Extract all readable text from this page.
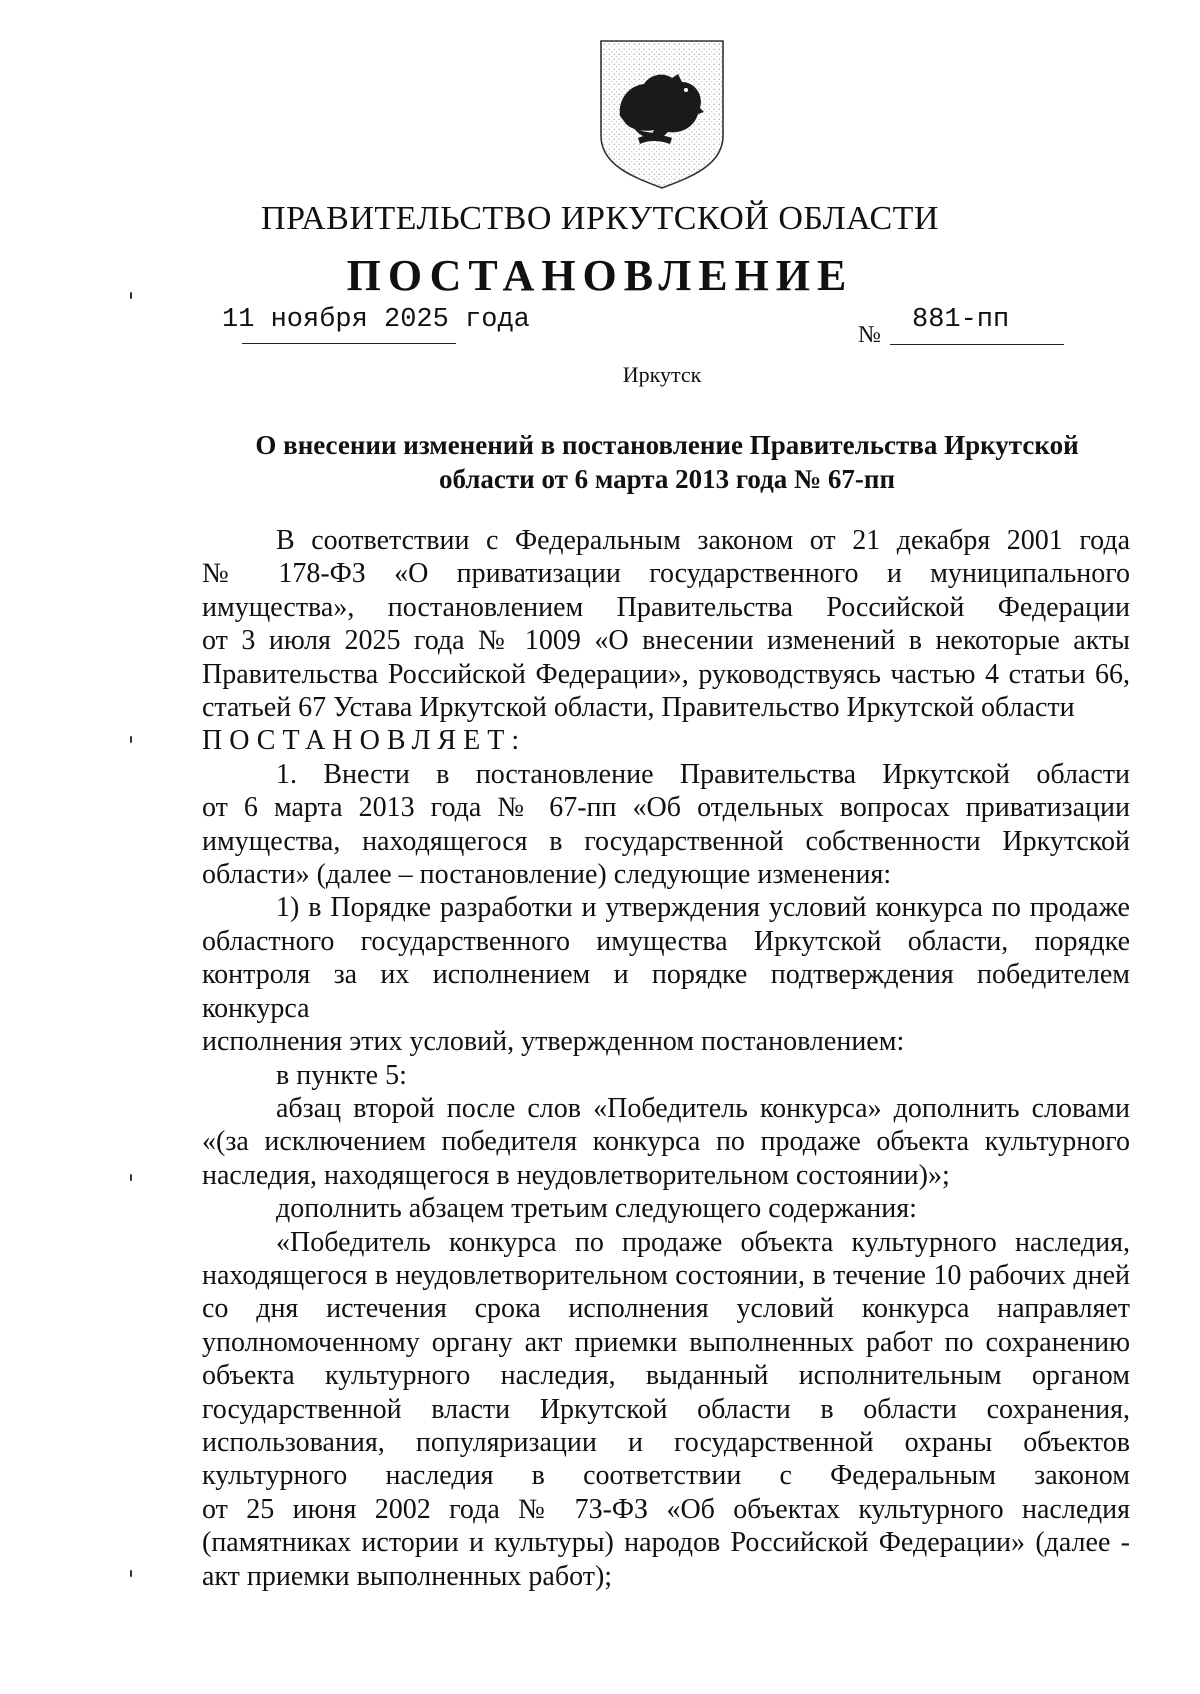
ПРАВИТЕЛЬСТВО ИРКУТСКОЙ ОБЛАСТИ
ПОСТАНОВЛЕНИЕ
11 ноября 2025 года	№ 881-пп
Иркутск
О внесении изменений в постановление Правительства Иркутской
области от 6 марта 2013 года № 67-пп

В соответствии с Федеральным законом от 21 декабря 2001 года

№ 178-ФЗ «О приватизации государственного и муниципального

имущества», постановлением Правительства Российской Федерации

от 3 июля 2025 года № 1009 «О внесении изменений в некоторые акты

Правительства Российской Федерации», руководствуясь частью 4 статьи 66,

статьей 67 Устава Иркутской области, Правительство Иркутской области

ПОСТАНОВЛЯЕТ:

1. Внести в постановление Правительства Иркутской области

от 6 марта 2013 года № 67-пп «Об отдельных вопросах приватизации

имущества, находящегося в государственной собственности Иркутской

области» (далее – постановление) следующие изменения:

1) в Порядке разработки и утверждения условий конкурса по продаже

областного государственного имущества Иркутской области, порядке

контроля за их исполнением и порядке подтверждения победителем конкурса

исполнения этих условий, утвержденном постановлением:

в пункте 5:

абзац второй после слов «Победитель конкурса» дополнить словами

«(за исключением победителя конкурса по продаже объекта культурного

наследия, находящегося в неудовлетворительном состоянии)»;

дополнить абзацем третьим следующего содержания:

«Победитель конкурса по продаже объекта культурного наследия,

находящегося в неудовлетворительном состоянии, в течение 10 рабочих дней

со дня истечения срока исполнения условий конкурса направляет

уполномоченному органу акт приемки выполненных работ по сохранению

объекта культурного наследия, выданный исполнительным органом

государственной власти Иркутской области в области сохранения,

использования, популяризации и государственной охраны объектов

культурного наследия в соответствии с Федеральным законом

от 25 июня 2002 года № 73-ФЗ «Об объектах культурного наследия

(памятниках истории и культуры) народов Российской Федерации» (далее -

акт приемки выполненных работ);
